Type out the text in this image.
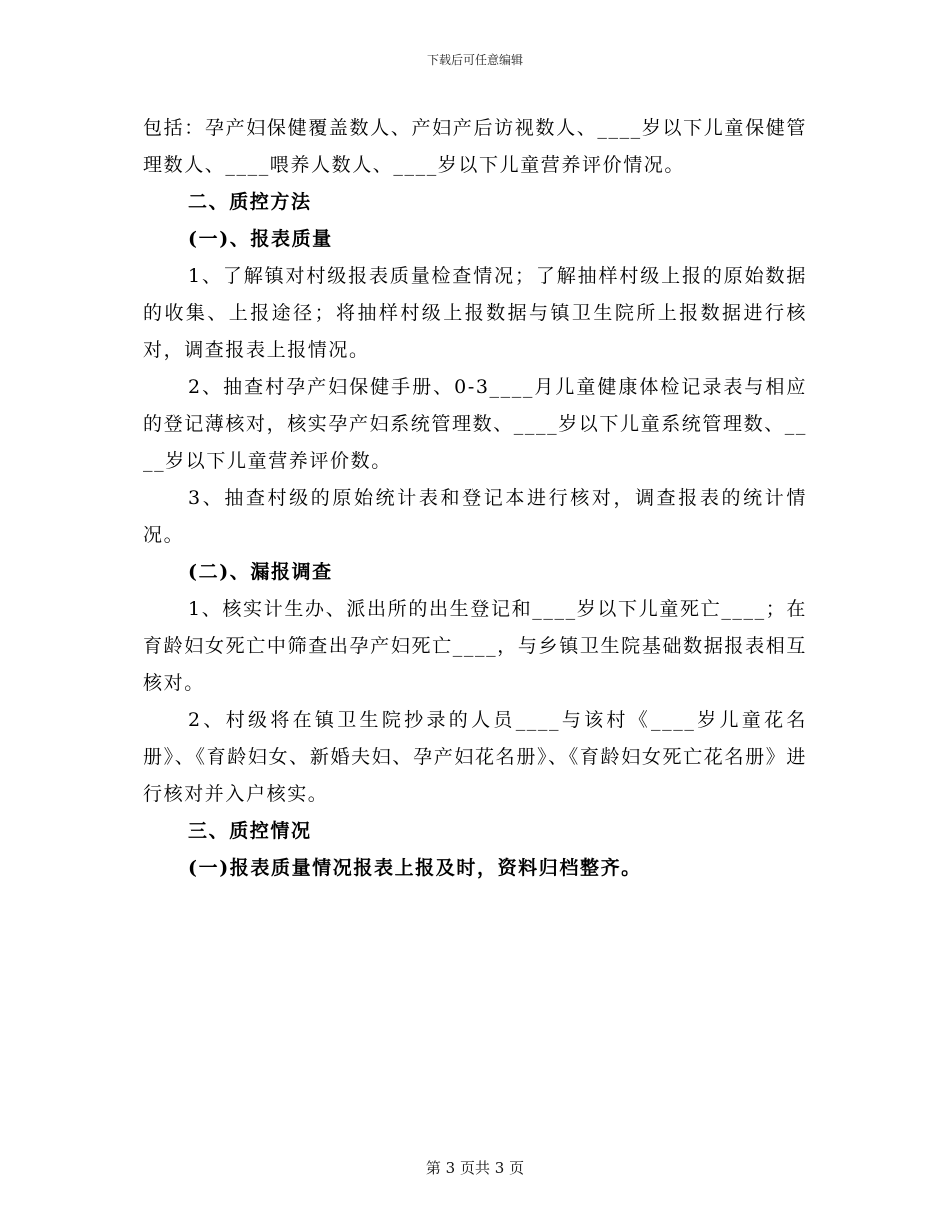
下载后可任意编辑

包括：孕产妇保健覆盖数人、产妇产后访视数人、____岁以下儿童保健管理数人、____喂养人数人、____岁以下儿童营养评价情况。

二、质控方法

(一)、报表质量

1、了解镇对村级报表质量检查情况；了解抽样村级上报的原始数据的收集、上报途径；将抽样村级上报数据与镇卫生院所上报数据进行核对，调查报表上报情况。

2、抽查村孕产妇保健手册、0-3____月儿童健康体检记录表与相应的登记薄核对，核实孕产妇系统管理数、____岁以下儿童系统管理数、____岁以下儿童营养评价数。

3、抽查村级的原始统计表和登记本进行核对，调查报表的统计情况。

(二)、漏报调查

1、核实计生办、派出所的出生登记和____岁以下儿童死亡____；在育龄妇女死亡中筛查出孕产妇死亡____，与乡镇卫生院基础数据报表相互核对。

2、村级将在镇卫生院抄录的人员____与该村《____岁儿童花名册》、《育龄妇女、新婚夫妇、孕产妇花名册》、《育龄妇女死亡花名册》进行核对并入户核实。

三、质控情况

(一)报表质量情况报表上报及时，资料归档整齐。

第 3 页共 3 页
